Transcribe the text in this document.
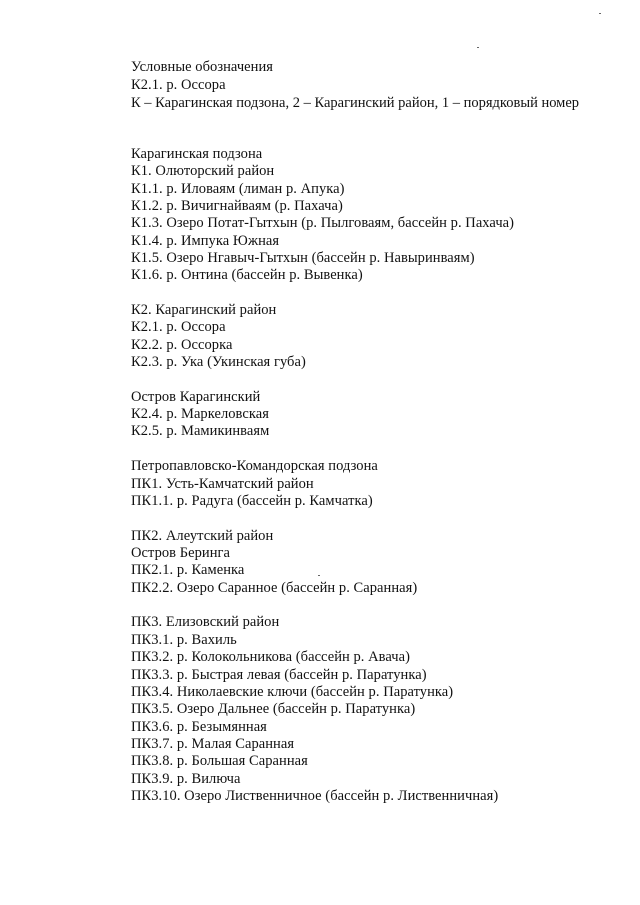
Условные обозначения
К2.1. р. Оссора
К – Карагинская подзона, 2 – Карагинский район, 1 – порядковый номер
Карагинская подзона
К1. Олюторский район
К1.1. р. Иловаям (лиман р. Апука)
К1.2. р. Вичигнайваям (р. Пахача)
К1.3. Озеро Потат-Гытхын (р. Пылговаям, бассейн р. Пахача)
К1.4. р. Импука Южная
К1.5. Озеро Нгавыч-Гытхын (бассейн р. Навыринваям)
К1.6. р. Онтина (бассейн р. Вывенка)
К2. Карагинский район
К2.1. р. Оссора
К2.2. р. Оссорка
К2.3. р. Ука (Укинская губа)
Остров Карагинский
К2.4. р. Маркеловская
К2.5. р. Мамикинваям
Петропавловско-Командорская подзона
ПК1. Усть-Камчатский район
ПК1.1. р. Радуга (бассейн р. Камчатка)
ПК2. Алеутский район
Остров Беринга
ПК2.1. р. Каменка
ПК2.2. Озеро Саранное (бассейн р. Саранная)
ПК3. Елизовский район
ПК3.1. р. Вахиль
ПК3.2. р. Колокольникова (бассейн р. Авача)
ПК3.3. р. Быстрая левая (бассейн р. Паратунка)
ПК3.4. Николаевские ключи (бассейн р. Паратунка)
ПК3.5. Озеро Дальнее (бассейн р. Паратунка)
ПК3.6. р. Безымянная
ПК3.7. р. Малая Саранная
ПК3.8. р. Большая Саранная
ПК3.9. р. Вилюча
ПК3.10. Озеро Лиственничное (бассейн р. Лиственничная)
